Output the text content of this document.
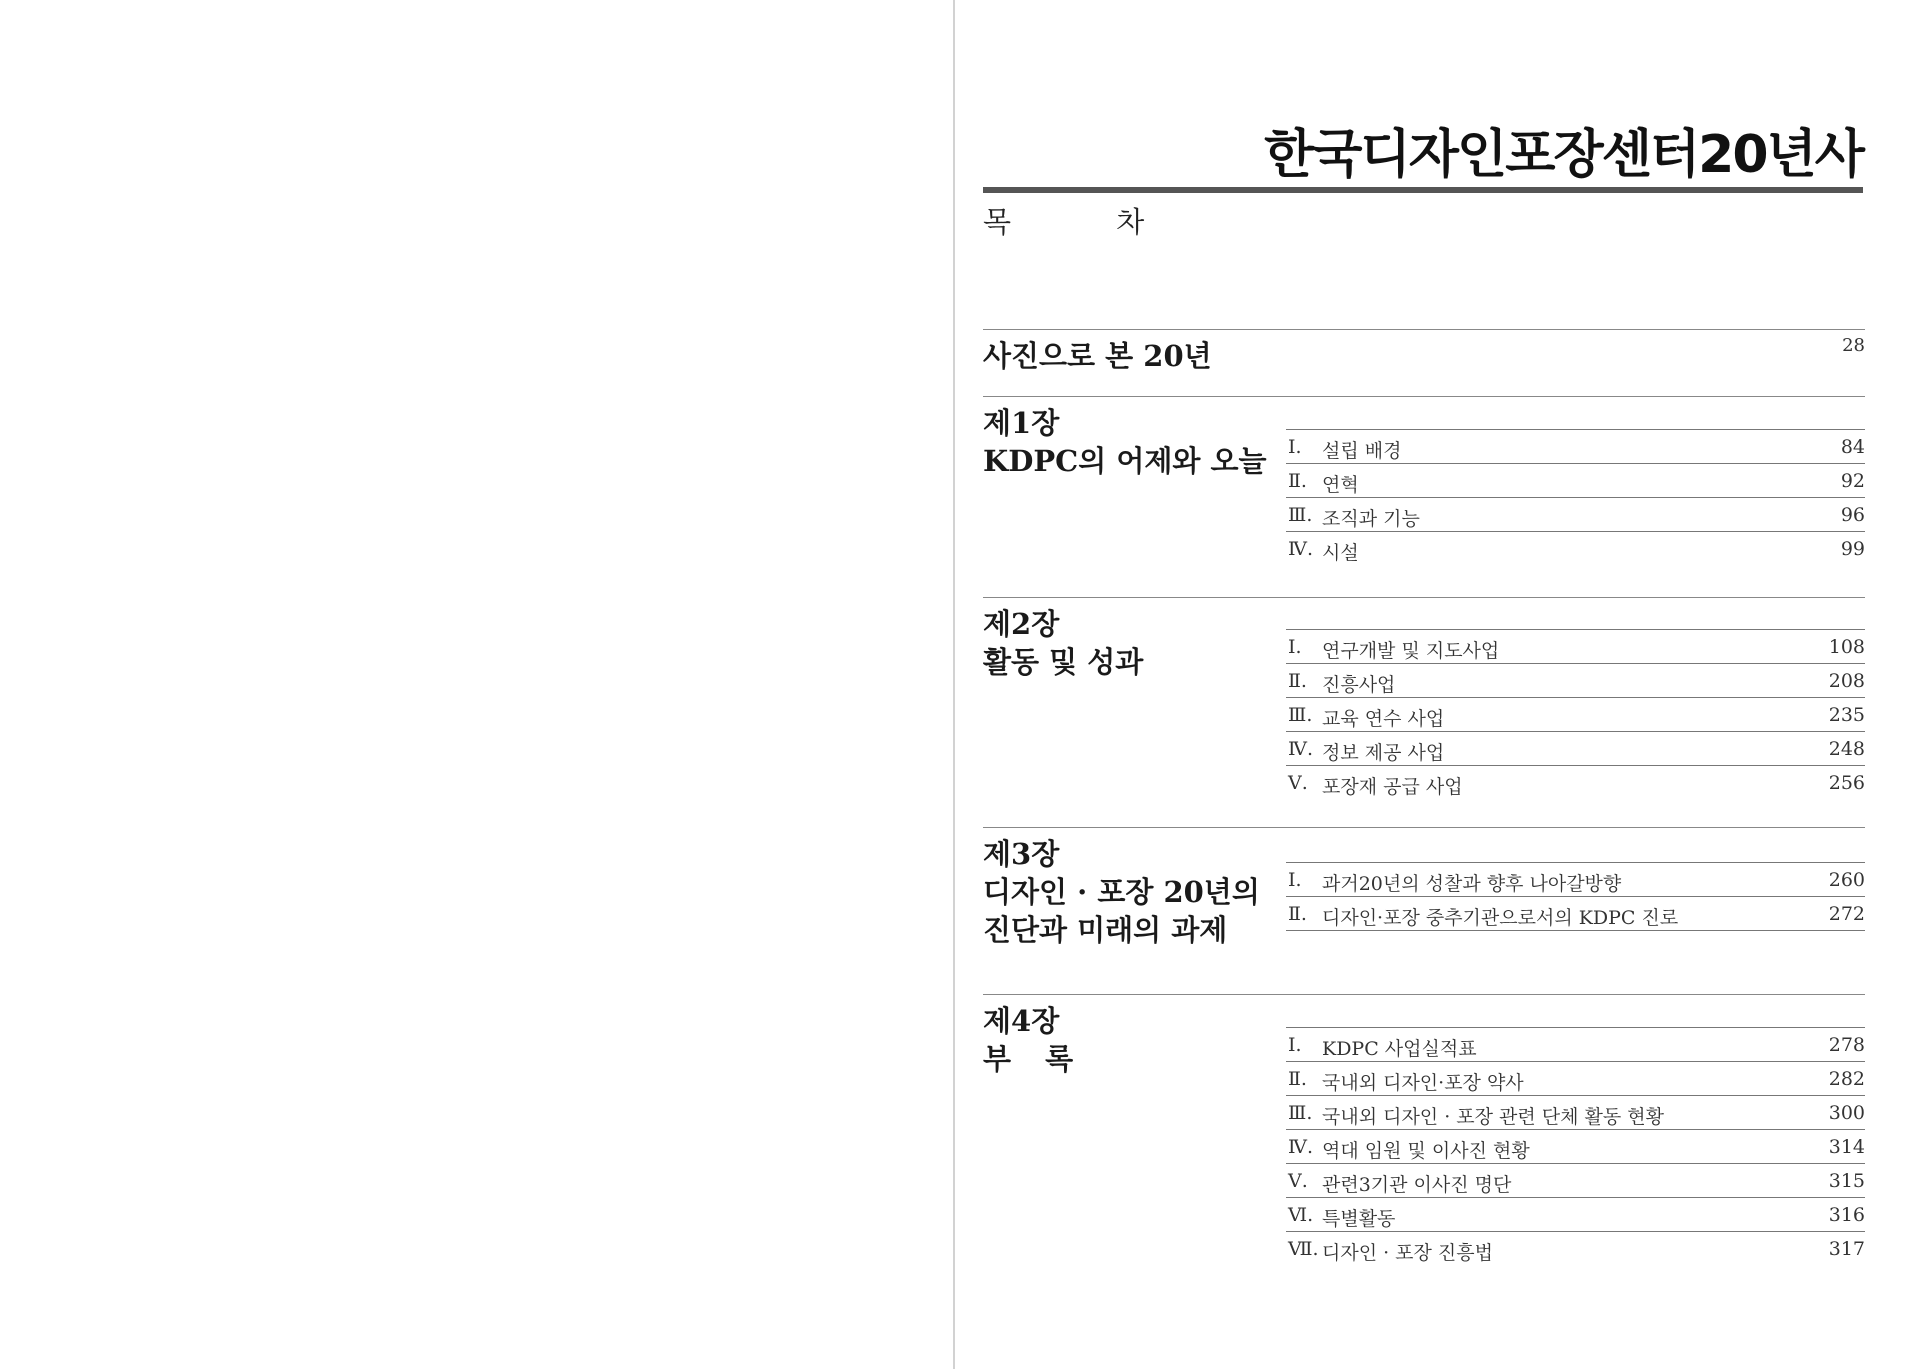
한국디자인포장센터20년사
목 차
사진으로 본 20년	28
제1장
KDPC의 어제와 오늘 Ⅰ.	설립 배경	84
Ⅱ. 연혁	92
Ⅲ. 조직과 기능	96
Ⅳ. 시설	99
제2장
활동 및 성과	Ⅰ.	연구개발 및 지도사업	108
Ⅱ. 진흥사업	208
Ⅲ. 교육 연수 사업	235
Ⅳ. 정보 제공 사업	248
Ⅴ. 포장재 공급 사업	256
제3장
디자인 · 포장 20년의
진단과 미래의 과제
Ⅰ.	과거20년의 성찰과 향후 나아갈방향	260
Ⅱ. 디자인·포장 중추기관으로서의 KDPC 진로	272
제4장
부 록	Ⅰ.	KDPC 사업실적표	278
Ⅱ. 국내외 디자인·포장 약사	282
Ⅲ. 국내외 디자인 · 포장 관련 단체 활동 현황	300
Ⅳ. 역대 임원 및 이사진 현황	314
Ⅴ. 관련3기관 이사진 명단	315
Ⅵ. 특별활동	316
Ⅶ. 디자인 · 포장 진흥법	317
